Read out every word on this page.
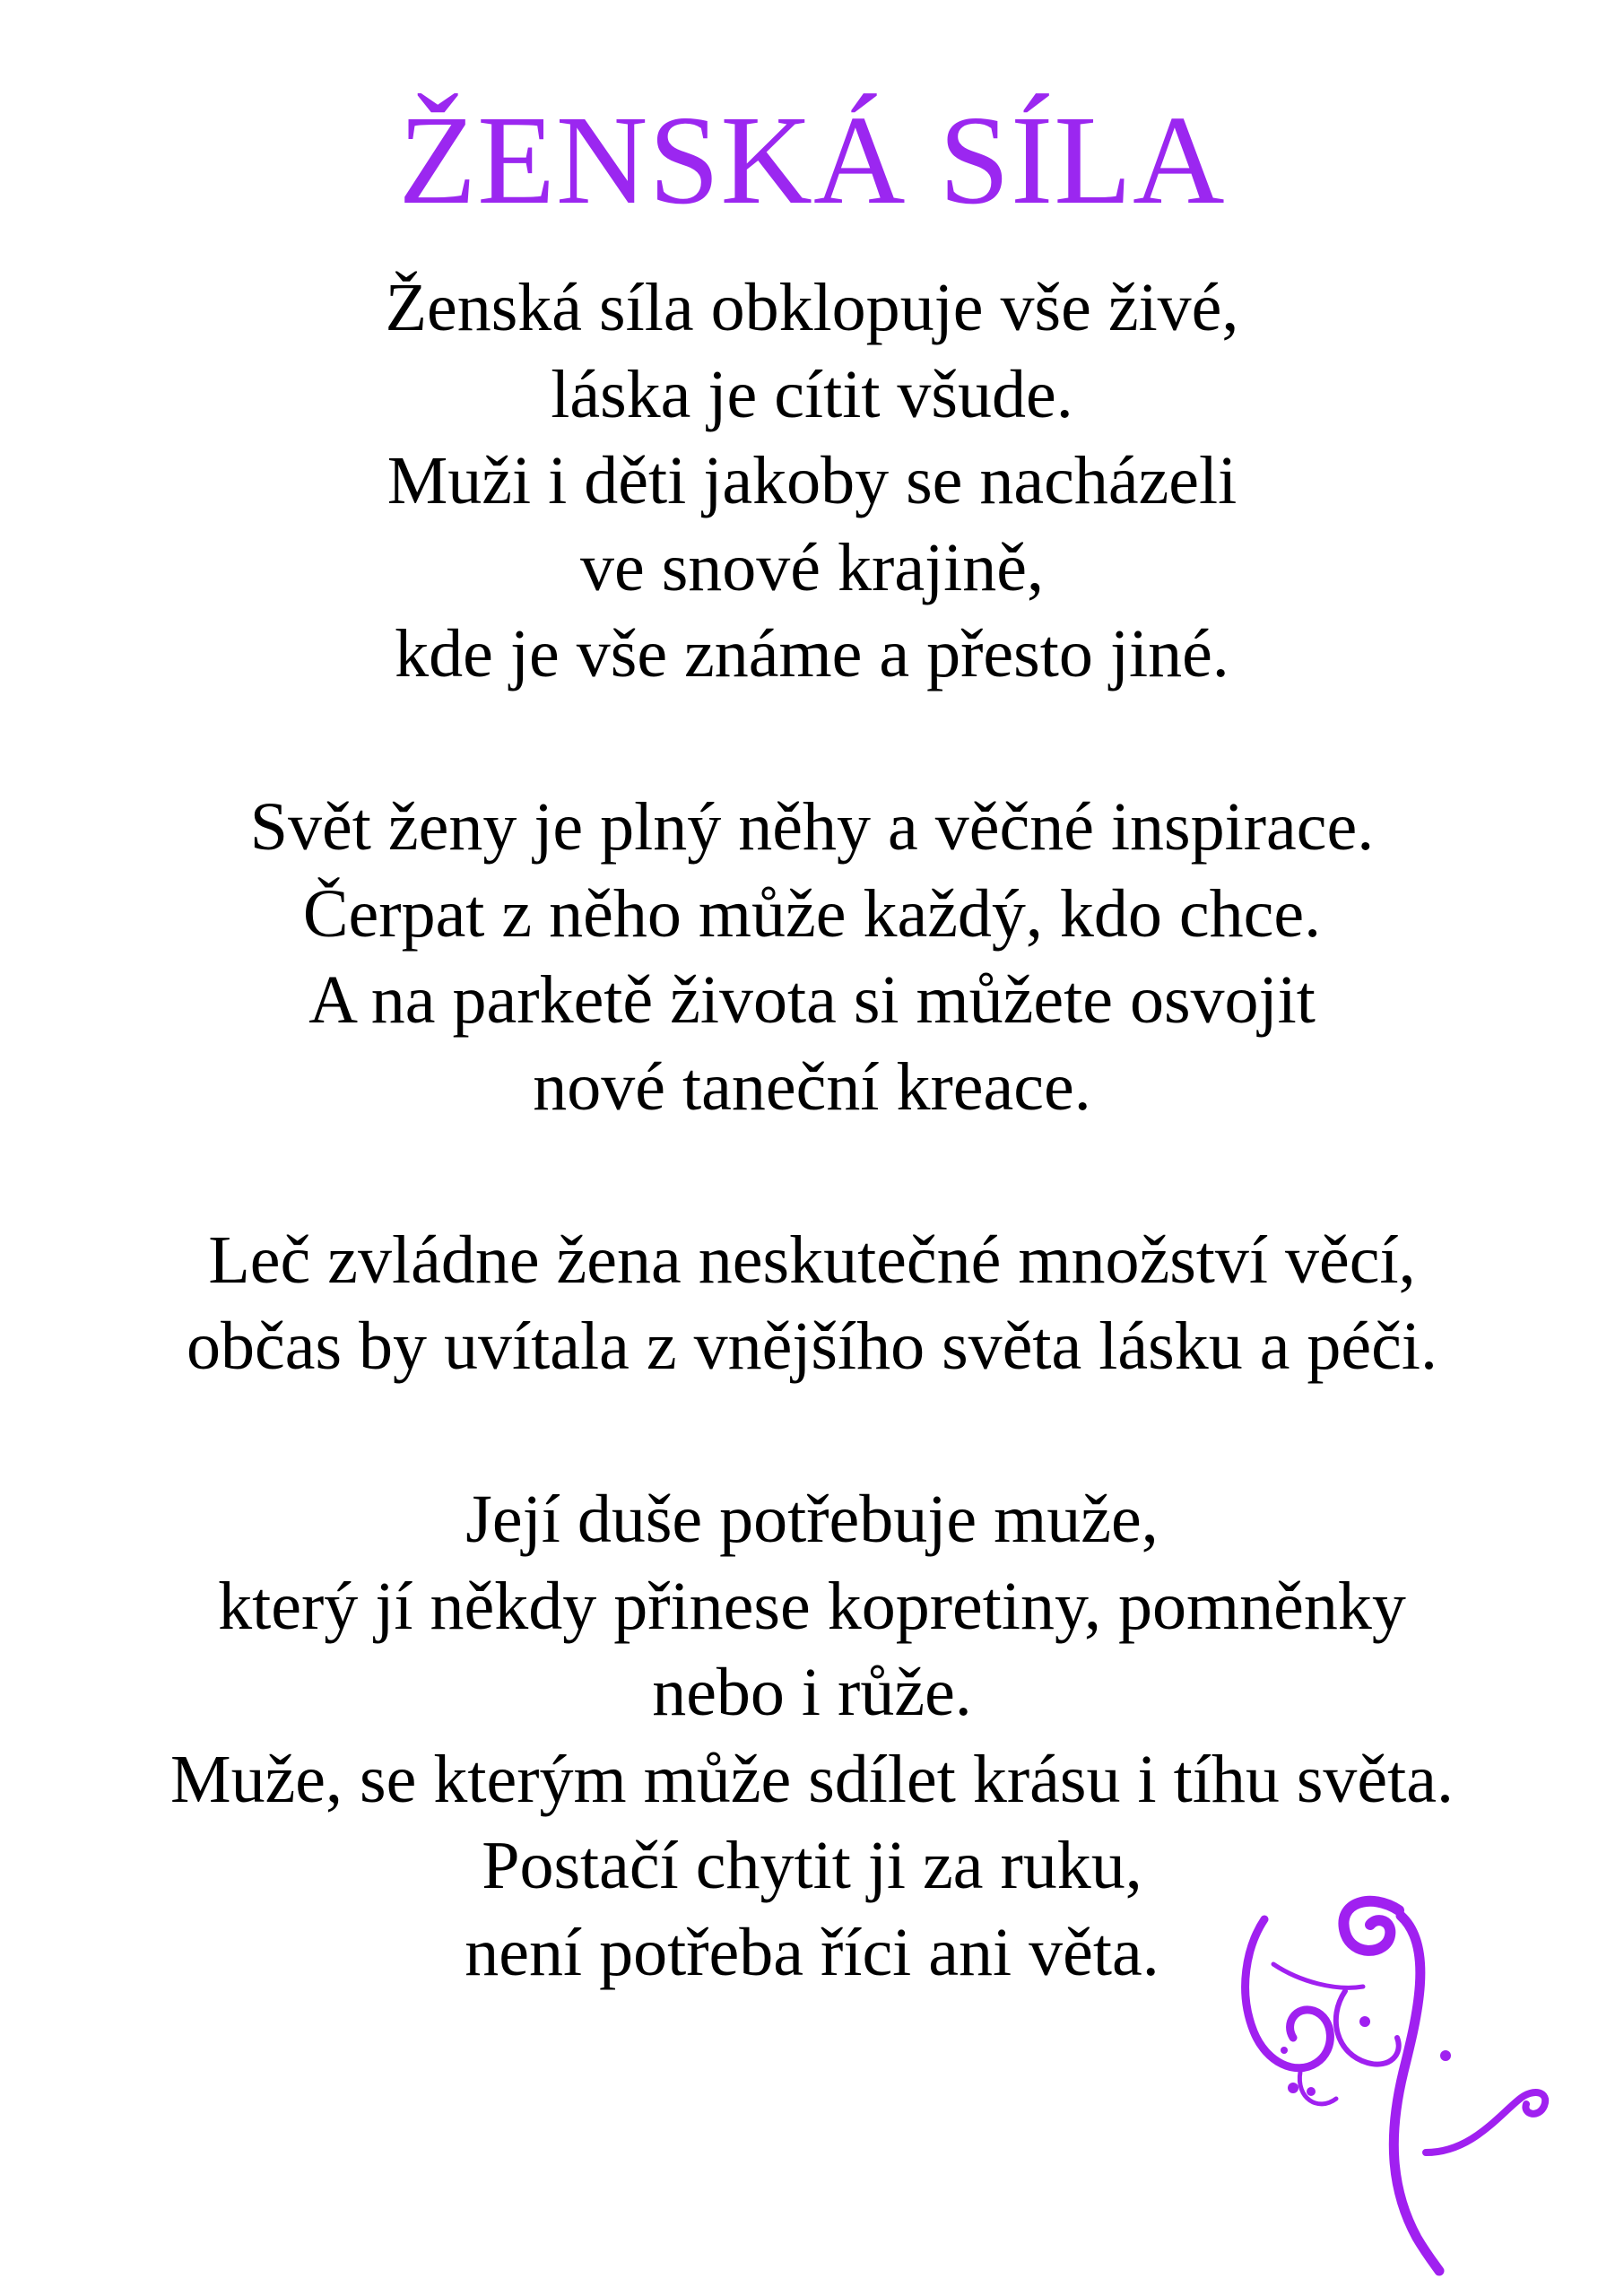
ŽENSKÁ SÍLA

Ženská síla obklopuje vše živé,
láska je cítit všude.
Muži i děti jakoby se nacházeli
ve snové krajině,
kde je vše známe a přesto jiné.

Svět ženy je plný něhy a věčné inspirace.
Čerpat z něho může každý, kdo chce.
A na parketě života si můžete osvojit
nové taneční kreace.

Leč zvládne žena neskutečné množství věcí,
občas by uvítala z vnějšího světa lásku a péči.

Její duše potřebuje muže,
který jí někdy přinese kopretiny, pomněnky
nebo i růže.
Muže, se kterým může sdílet krásu i tíhu světa.
Postačí chytit ji za ruku,
není potřeba říci ani věta.
